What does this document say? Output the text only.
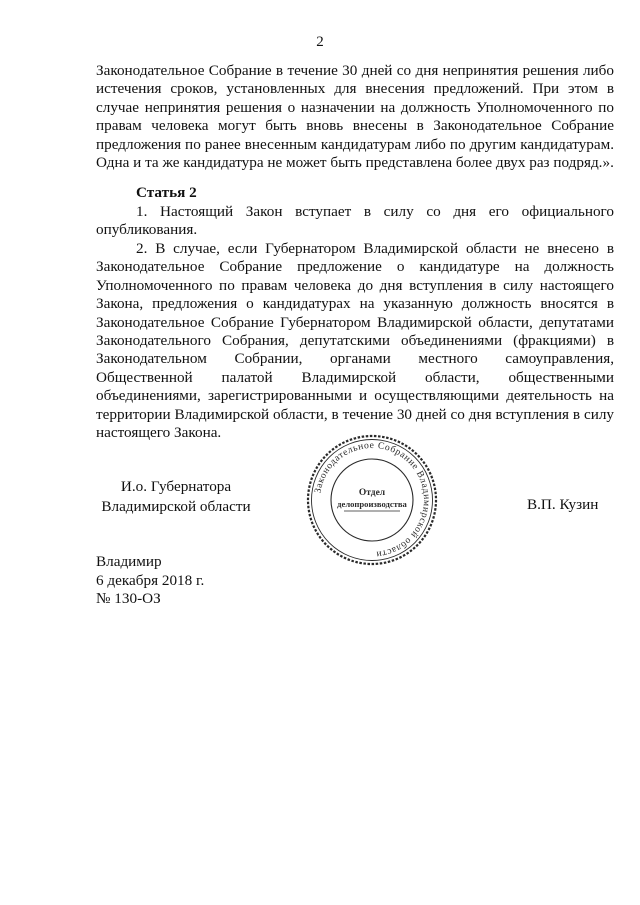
2
Законодательное Собрание в течение 30 дней со дня непринятия решения либо истечения сроков, установленных для внесения предложений. При этом в случае непринятия решения о назначении на должность Уполномоченного по правам человека могут быть вновь внесены в Законодательное Собрание предложения по ранее внесенным кандидатурам либо по другим кандидатурам. Одна и та же кандидатура не может быть представлена более двух раз подряд.».
Статья 2
1. Настоящий Закон вступает в силу со дня его официального опубликования.
2. В случае, если Губернатором Владимирской области не внесено в Законодательное Собрание предложение о кандидатуре на должность Уполномоченного по правам человека до дня вступления в силу настоящего Закона, предложения о кандидатурах на указанную должность вносятся в Законодательное Собрание Губернатором Владимирской области, депутатами Законодательного Собрания, депутатскими объединениями (фракциями) в Законодательном Собрании, органами местного самоуправления, Общественной палатой Владимирской области, общественными объединениями, зарегистрированными и осуществляющими деятельность на территории Владимирской области, в течение 30 дней со дня вступления в силу настоящего Закона.
И.о. Губернатора
Владимирской области
Законодательное Собрание Владимирской области
Отдел
делопроизводства	В.П. Кузин
Владимир
6 декабря 2018 г.
№ 130-ОЗ
